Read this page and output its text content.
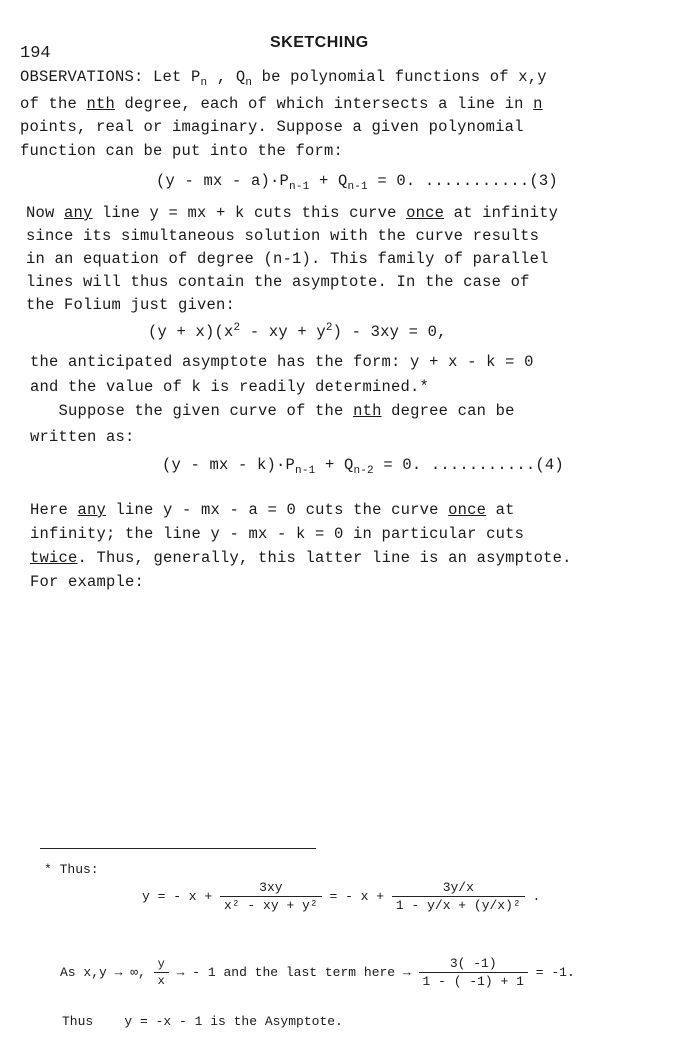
194
SKETCHING
OBSERVATIONS: Let $P_n$ , $Q_n$ be polynomial functions of x,y
of the nth degree, each of which intersects a line in n
points, real or imaginary. Suppose a given polynomial
function can be put into the form:
(y - mx - $a)\cdot P_{n-1} + Q_{n-1} = 0$. ...........(3)
Now any line y = mx + k cuts this curve once at infinity
since its simultaneous solution with the curve results
in an equation of degree (n-1). This family of parallel
lines will thus contain the asymptote. In the case of
the Folium just given:
$(y + x)(x^2$ - xy + $y^2) - 3xy = 0$,
the anticipated asymptote has the form: y + x - k = 0
and the value of k is readily determined.*
Suppose the given curve of the nth degree can be
written as:
(y - mx - $k)\cdot P_{n-1} + Q_{n-2} = 0$. ...........(4)
Here any line y - mx - a = 0 cuts the curve once at
infinity; the line y - mx - k = 0 in particular cuts
twice. Thus, generally, this latter line is an asymptote.
For example:
* Thus:
y = - $x + \frac{3xy}{\text{x² - xy + y²}}$ = - $x + \frac{3y/x}{\text{1 - y/x + (y/x)²}}$ .
As x,y → ∞, $\frac{y}{x}$ → - 1 and the last term here → $\frac{3( -1)}{1 - ( -1) + 1} = -1$.
Thus    y = -x - 1 is the Asymptote.
